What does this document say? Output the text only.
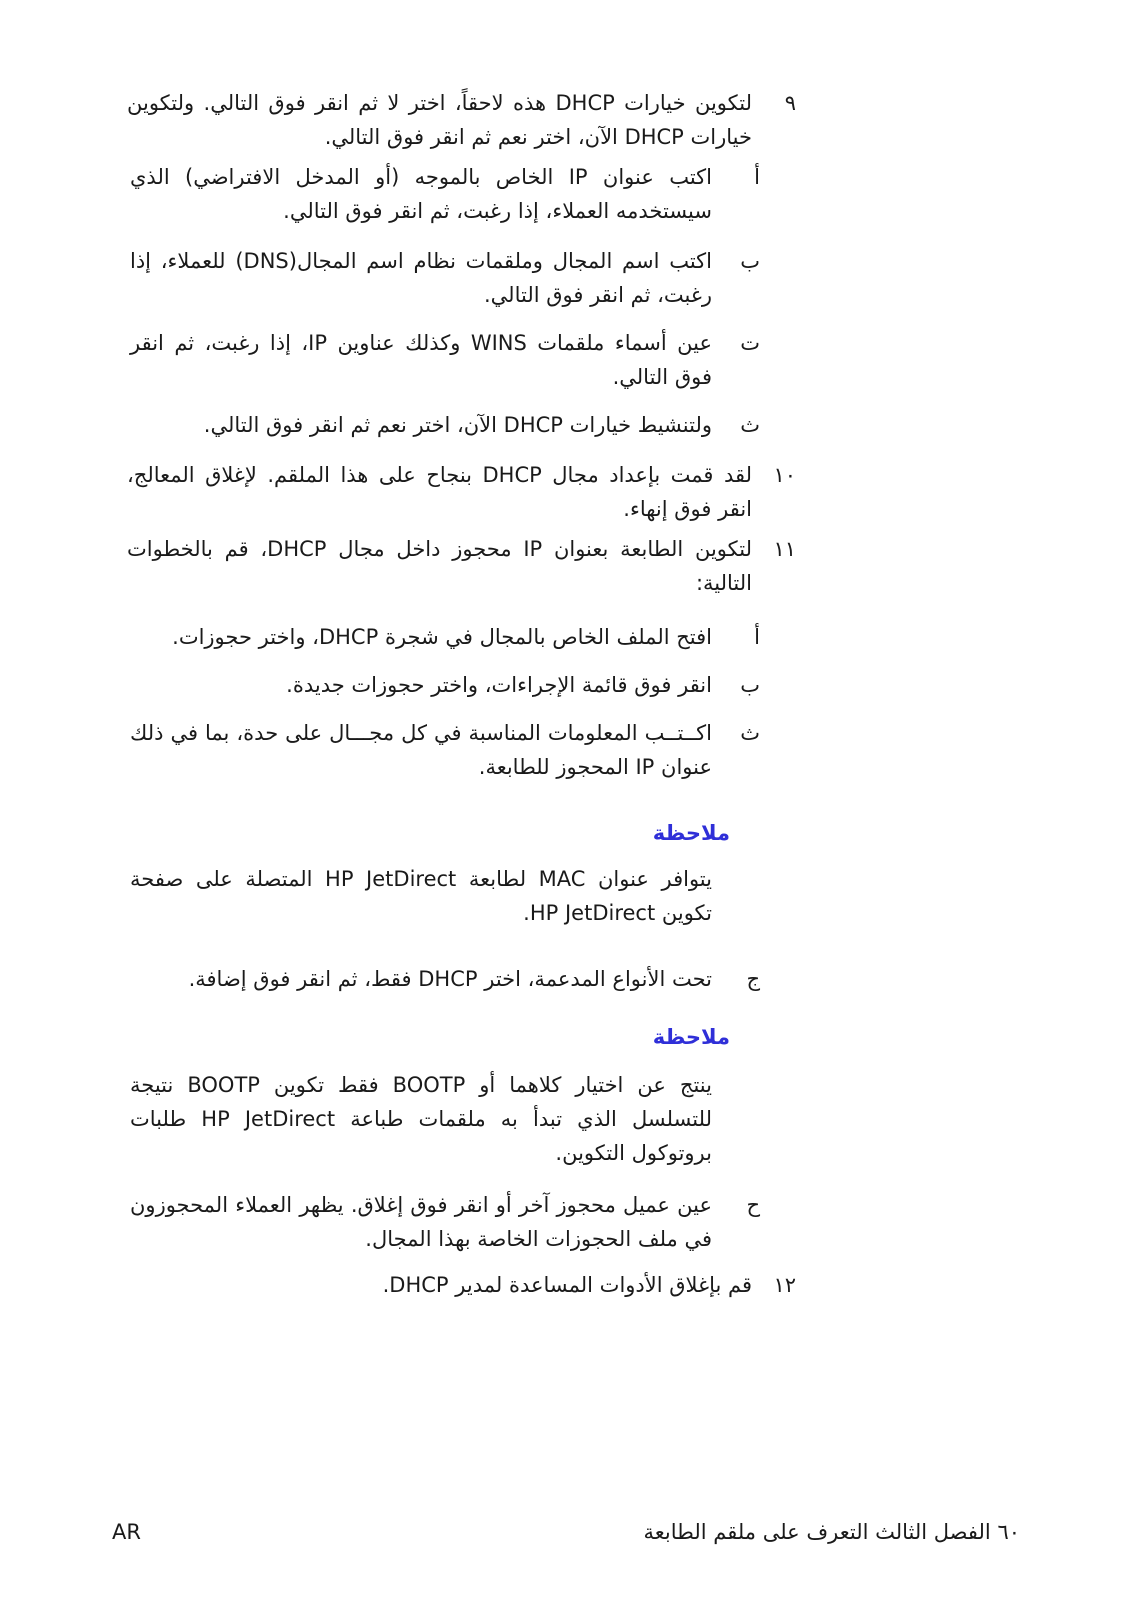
٩
لتكوين خيارات DHCP هذه لاحقاً، اختر لا ثم انقر فوق التالي. ولتكوين خيارات DHCP الآن، اختر نعم ثم انقر فوق التالي.
أ
اكتب عنوان IP الخاص بالموجه (أو المدخل الافتراضي) الذي سيستخدمه العملاء، إذا رغبت، ثم انقر فوق التالي.
ب
اكتب اسم المجال وملقمات نظام اسم المجال(DNS) للعملاء، إذا رغبت، ثم انقر فوق التالي.
ت
عين أسماء ملقمات WINS وكذلك عناوين IP، إذا رغبت، ثم انقر فوق التالي.
ث
ولتنشيط خيارات DHCP الآن، اختر نعم ثم انقر فوق التالي.
١٠
لقد قمت بإعداد مجال DHCP بنجاح على هذا الملقم. لإغلاق المعالج، انقر فوق إنهاء.
١١
لتكوين الطابعة بعنوان IP محجوز داخل مجال DHCP، قم بالخطوات التالية:
أ
افتح الملف الخاص بالمجال في شجرة DHCP، واختر حجوزات.
ب
انقر فوق قائمة الإجراءات، واختر حجوزات جديدة.
ث
اكــتــب المعلومات المناسبة في كل مجـــال على حدة، بما في ذلك عنوان IP المحجوز للطابعة.
ملاحظة
يتوافر عنوان MAC لطابعة HP JetDirect المتصلة على صفحة تكوين HP JetDirect.
ج
تحت الأنواع المدعمة، اختر DHCP فقط، ثم انقر فوق إضافة.
ملاحظة
ينتج عن اختيار كلاهما أو BOOTP فقط تكوين BOOTP نتيجة للتسلسل الذي تبدأ به ملقمات طباعة HP JetDirect طلبات بروتوكول التكوين.
ح
عين عميل محجوز آخر أو انقر فوق إغلاق. يظهر العملاء المحجوزون في ملف الحجوزات الخاصة بهذا المجال.
١٢
قم بإغلاق الأدوات المساعدة لمدير DHCP.
AR	٦٠ الفصل الثالث التعرف على ملقم الطابعة
